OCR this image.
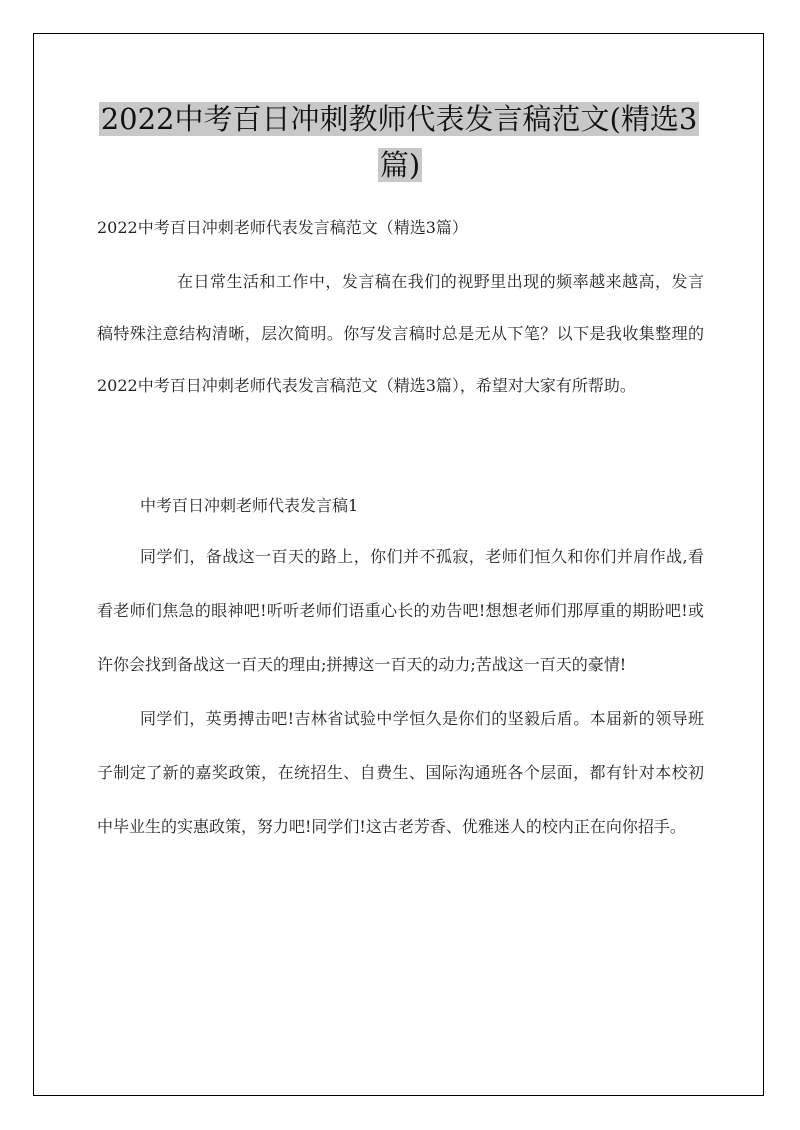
2022中考百日冲刺教师代表发言稿范文(精选3篇)
2022中考百日冲刺老师代表发言稿范文（精选3篇）

在日常生活和工作中，发言稿在我们的视野里出现的频率越来越高，发言稿特殊注意结构清晰，层次简明。你写发言稿时总是无从下笔？以下是我收集整理的2022中考百日冲刺老师代表发言稿范文（精选3篇），希望对大家有所帮助。

中考百日冲刺老师代表发言稿1

同学们，备战这一百天的路上，你们并不孤寂，老师们恒久和你们并肩作战,看看老师们焦急的眼神吧!听听老师们语重心长的劝告吧!想想老师们那厚重的期盼吧!或许你会找到备战这一百天的理由;拼搏这一百天的动力;苦战这一百天的豪情!

同学们，英勇搏击吧!吉林省试验中学恒久是你们的坚毅后盾。本届新的领导班子制定了新的嘉奖政策，在统招生、自费生、国际沟通班各个层面，都有针对本校初中毕业生的实惠政策，努力吧!同学们!这古老芳香、优雅迷人的校内正在向你招手。
